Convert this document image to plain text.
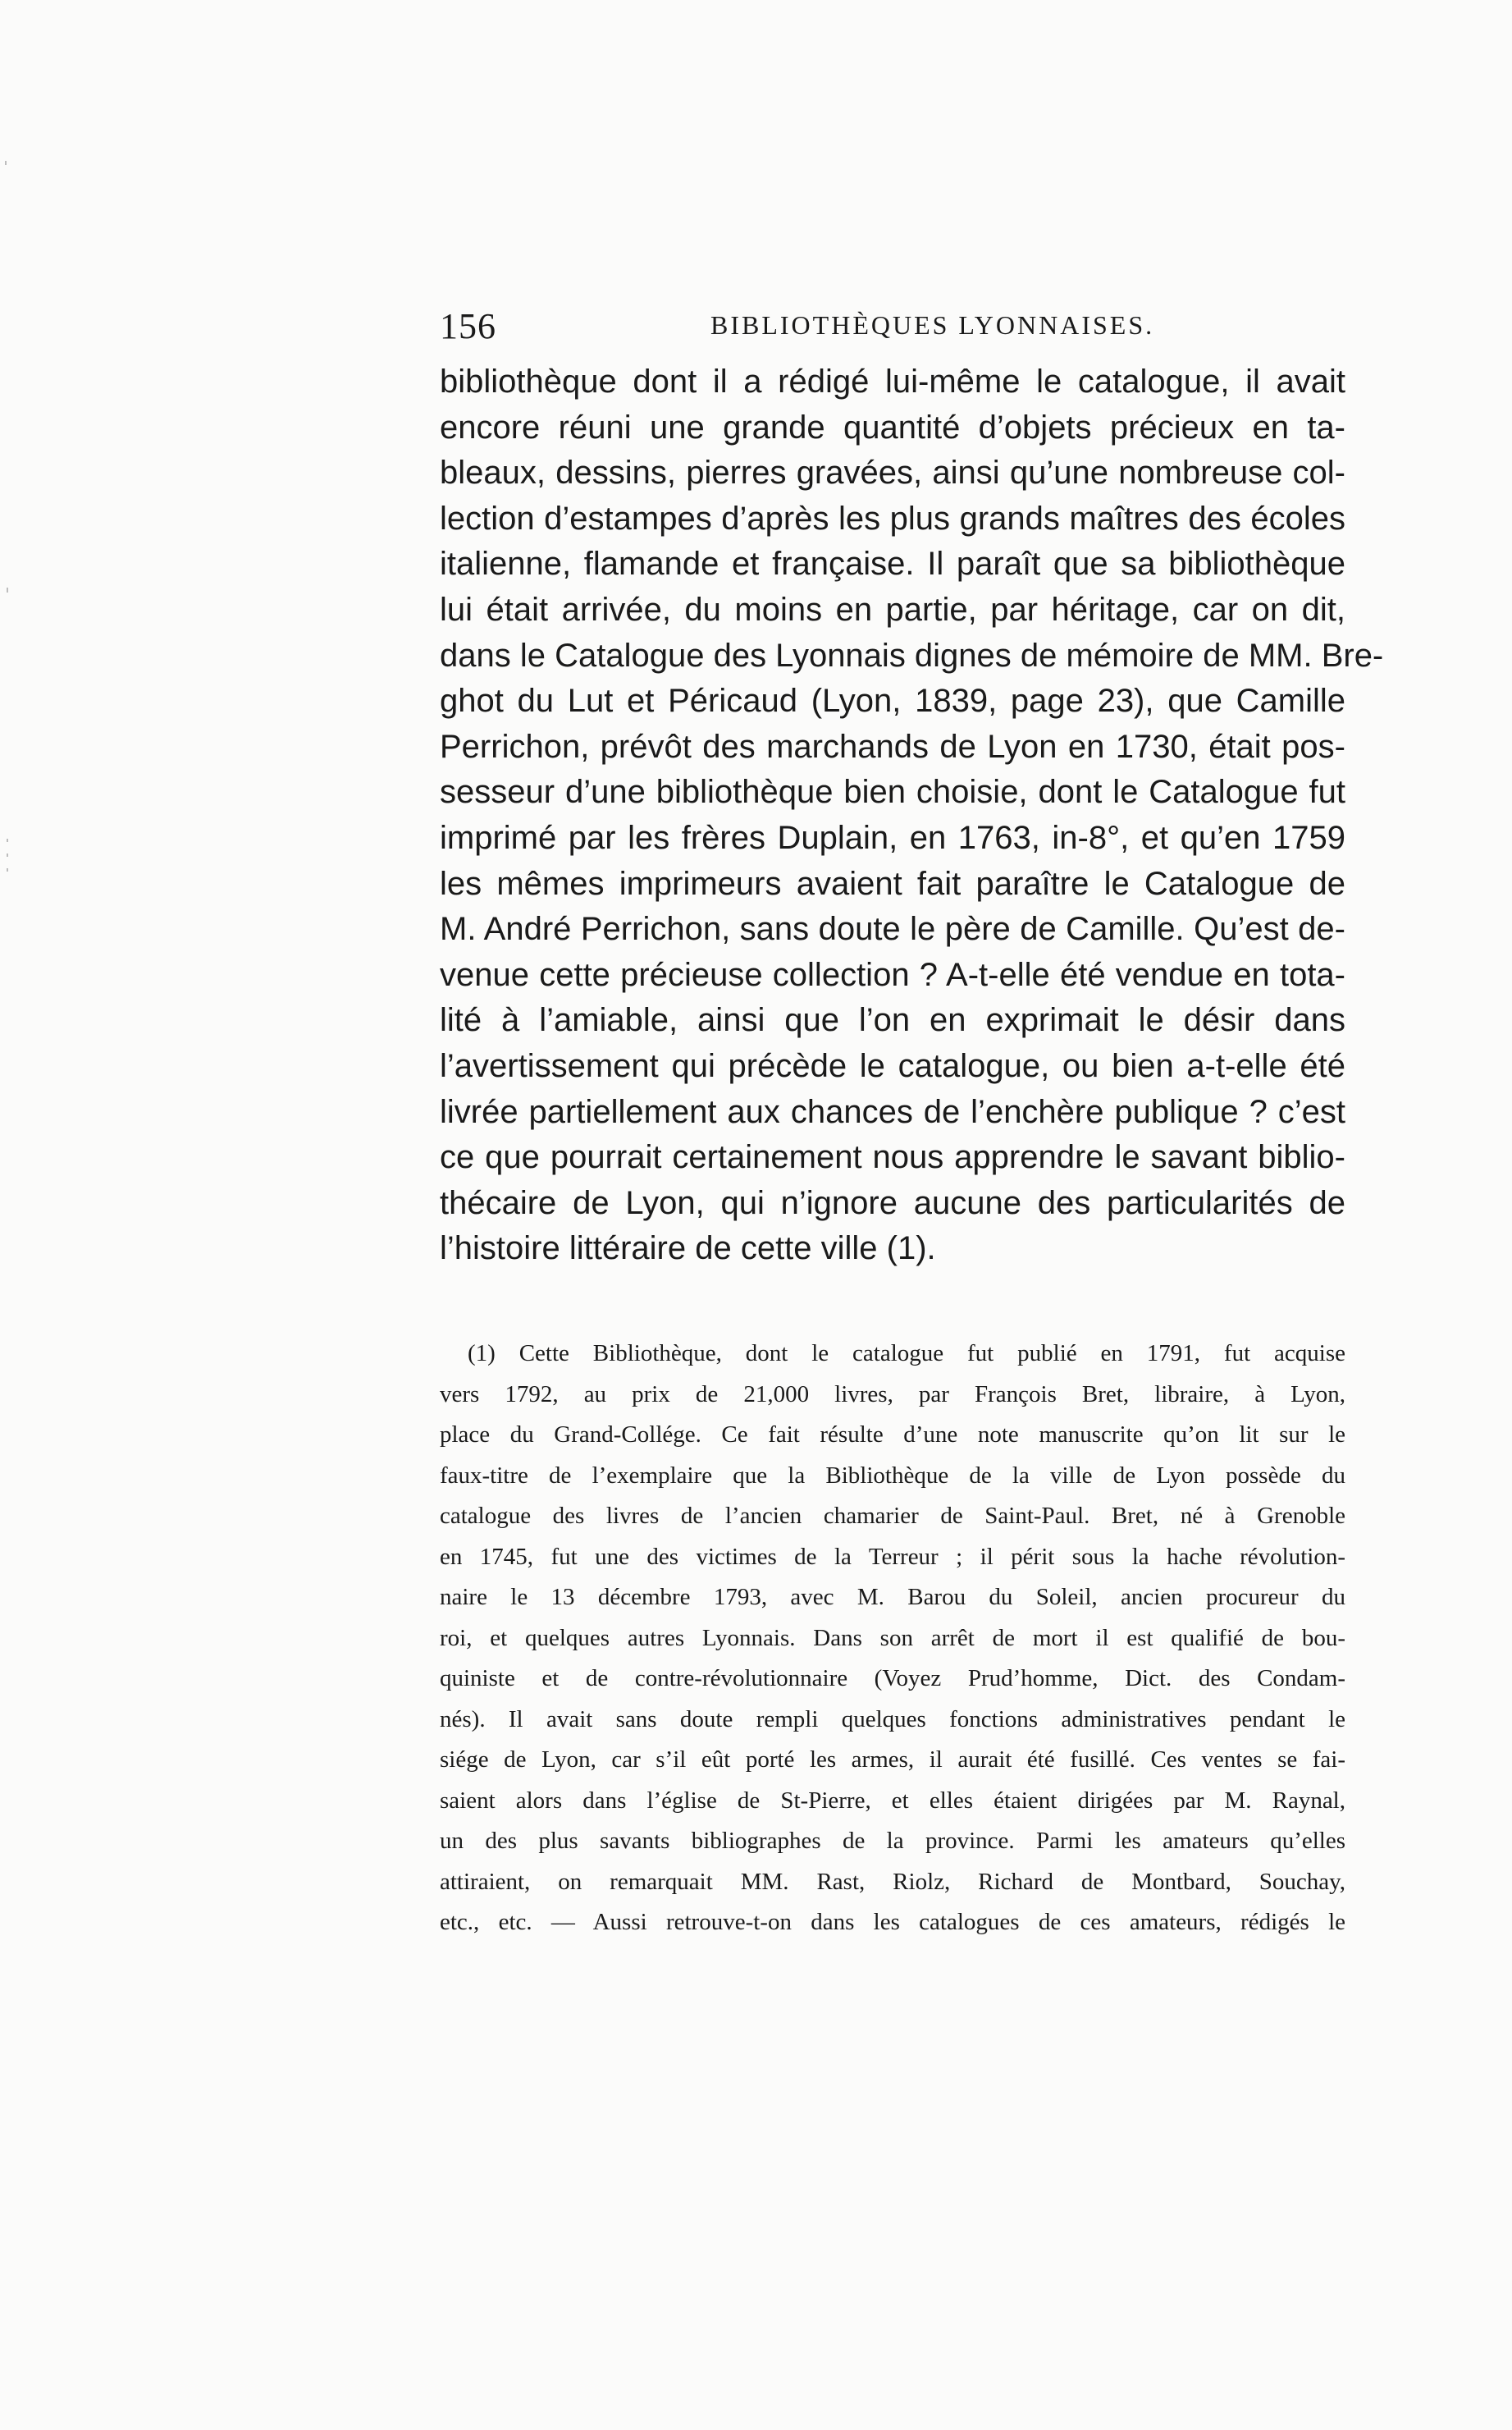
156	BIBLIOTHÈQUES LYONNAISES.
bibliothèque dont il a rédigé lui-même le catalogue, il avait
encore réuni une grande quantité d’objets précieux en ta-
bleaux, dessins, pierres gravées, ainsi qu’une nombreuse col-
lection d’estampes d’après les plus grands maîtres des écoles
italienne, flamande et française. Il paraît que sa bibliothèque
lui était arrivée, du moins en partie, par héritage, car on dit,
dans le Catalogue des Lyonnais dignes de mémoire de MM. Bre-
ghot du Lut et Péricaud (Lyon, 1839, page 23), que Camille
Perrichon, prévôt des marchands de Lyon en 1730, était pos-
sesseur d’une bibliothèque bien choisie, dont le Catalogue fut
imprimé par les frères Duplain, en 1763, in-8°, et qu’en 1759
les mêmes imprimeurs avaient fait paraître le Catalogue de
M. André Perrichon, sans doute le père de Camille. Qu’est de-
venue cette précieuse collection ? A-t-elle été vendue en tota-
lité à l’amiable, ainsi que l’on en exprimait le désir dans
l’avertissement qui précède le catalogue, ou bien a-t-elle été
livrée partiellement aux chances de l’enchère publique ? c’est
ce que pourrait certainement nous apprendre le savant biblio-
thécaire de Lyon, qui n’ignore aucune des particularités de
l’histoire littéraire de cette ville (1).
(1) Cette Bibliothèque, dont le catalogue fut publié en 1791, fut acquise
vers 1792, au prix de 21,000 livres, par François Bret, libraire, à Lyon,
place du Grand-Collége. Ce fait résulte d’une note manuscrite qu’on lit sur le
faux-titre de l’exemplaire que la Bibliothèque de la ville de Lyon possède du
catalogue des livres de l’ancien chamarier de Saint-Paul. Bret, né à Grenoble
en 1745, fut une des victimes de la Terreur ; il périt sous la hache révolution-
naire le 13 décembre 1793, avec M. Barou du Soleil, ancien procureur du
roi, et quelques autres Lyonnais. Dans son arrêt de mort il est qualifié de bou-
quiniste et de contre-révolutionnaire (Voyez Prud’homme, Dict. des Condam-
nés). Il avait sans doute rempli quelques fonctions administratives pendant le
siége de Lyon, car s’il eût porté les armes, il aurait été fusillé. Ces ventes se fai-
saient alors dans l’église de St-Pierre, et elles étaient dirigées par M. Raynal,
un des plus savants bibliographes de la province. Parmi les amateurs qu’elles
attiraient, on remarquait MM. Rast, Riolz, Richard de Montbard, Souchay,
etc., etc. — Aussi retrouve-t-on dans les catalogues de ces amateurs, rédigés le
